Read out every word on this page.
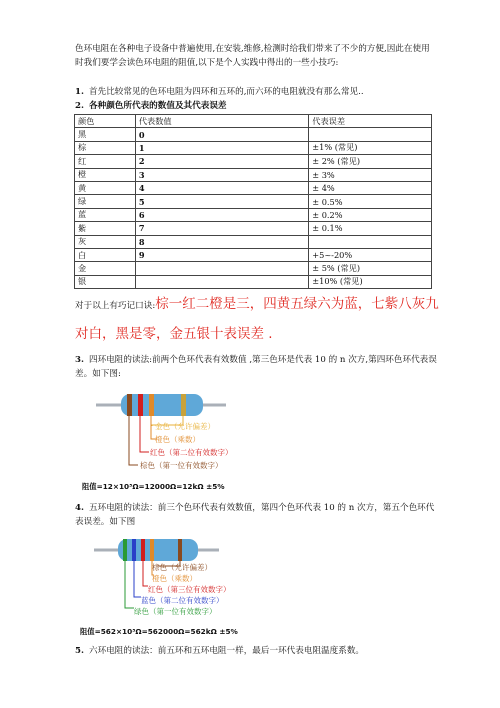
色环电阻在各种电子设备中普遍使用,在安装,维修,检测时给我们带来了不少的方便,因此在使用时我们要学会读色环电阻的阻值,以下是个人实践中得出的一些小技巧:
1. 首先比较常见的色环电阻为四环和五环的,而六环的电阻就没有那么常见..
2. 各种颜色所代表的数值及其代表误差
颜色	代表数值	代表误差
黑	0	
棕	1	±1% (常见)
红	2	± 2% (常见)
橙	3	± 3%
黄	4	± 4%
绿	5	± 0.5%
蓝	6	± 0.2%
紫	7	± 0.1%
灰	8	
白	9	+5~-20%
金		± 5% (常见)
银		±10% (常见)
对于以上有巧记口诀:棕一红二橙是三，四黄五绿六为蓝，七紫八灰九
对白，黑是零，金五银十表误差 .
3. 四环电阻的读法:前两个色环代表有效数值 ,第三色环是代表 10 的 n 次方,第四环色环代表误差。如下图:
金色（允许偏差）
橙色（乘数）
红色（第二位有效数字）
棕色（第一位有效数字）
阻值=12×10³Ω=12000Ω=12kΩ ±5%
4. 五环电阻的读法：前三个色环代表有效数值，第四个色环代表 10 的 n 次方，第五个色环代表误差。如下图
棕色（允许偏差）
橙色（乘数）
红色（第三位有效数字）
蓝色（第二位有效数字）
绿色（第一位有效数字）
阻值=562×10³Ω=562000Ω=562kΩ ±5%
5. 六环电阻的读法：前五环和五环电阻一样，最后一环代表电阻温度系数。
